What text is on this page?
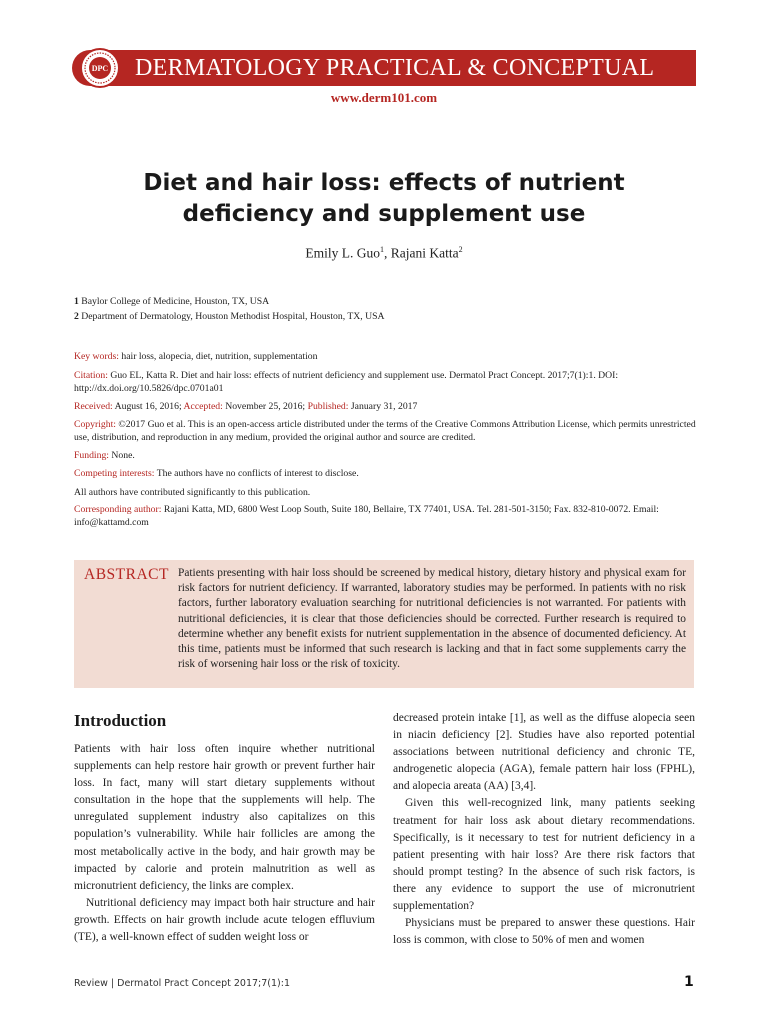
DPC DERMATOLOGY PRACTICAL & CONCEPTUAL
www.derm101.com
Diet and hair loss: effects of nutrient deficiency and supplement use
Emily L. Guo$^1$, Rajani Katta$^2$
1 Baylor College of Medicine, Houston, TX, USA
2 Department of Dermatology, Houston Methodist Hospital, Houston, TX, USA
Key words: hair loss, alopecia, diet, nutrition, supplementation
Citation: Guo EL, Katta R. Diet and hair loss: effects of nutrient deficiency and supplement use. Dermatol Pract Concept. 2017;7(1):1. DOI: http://dx.doi.org/10.5826/dpc.0701a01
Received: August 16, 2016; Accepted: November 25, 2016; Published: January 31, 2017
Copyright: ©2017 Guo et al. This is an open-access article distributed under the terms of the Creative Commons Attribution License, which permits unrestricted use, distribution, and reproduction in any medium, provided the original author and source are credited.
Funding: None.
Competing interests: The authors have no conflicts of interest to disclose.
All authors have contributed significantly to this publication.
Corresponding author: Rajani Katta, MD, 6800 West Loop South, Suite 180, Bellaire, TX 77401, USA. Tel. 281-501-3150; Fax. 832-810-0072. Email: info@kattamd.com
ABSTRACT Patients presenting with hair loss should be screened by medical history, dietary history and physical exam for risk factors for nutrient deficiency. If warranted, laboratory studies may be performed. In patients with no risk factors, further laboratory evaluation searching for nutritional deficiencies is not warranted. For patients with nutritional deficiencies, it is clear that those deficiencies should be corrected. Further research is required to determine whether any benefit exists for nutrient supplementation in the absence of documented deficiency. At this time, patients must be informed that such research is lacking and that in fact some supplements carry the risk of worsening hair loss or the risk of toxicity.
Introduction

Patients with hair loss often inquire whether nutritional supplements can help restore hair growth or prevent further hair loss. In fact, many will start dietary supplements without consultation in the hope that the supplements will help. The unregulated supplement industry also capitalizes on this population’s vulnerability. While hair follicles are among the most metabolically active in the body, and hair growth may be impacted by calorie and protein malnutrition as well as micronutrient deficiency, the links are complex.

Nutritional deficiency may impact both hair structure and hair growth. Effects on hair growth include acute telogen effluvium (TE), a well-known effect of sudden weight loss or

decreased protein intake [1], as well as the diffuse alopecia seen in niacin deficiency [2]. Studies have also reported potential associations between nutritional deficiency and chronic TE, androgenetic alopecia (AGA), female pattern hair loss (FPHL), and alopecia areata (AA) [3,4].

Given this well-recognized link, many patients seeking treatment for hair loss ask about dietary recommendations. Specifically, is it necessary to test for nutrient deficiency in a patient presenting with hair loss? Are there risk factors that should prompt testing? In the absence of such risk factors, is there any evidence to support the use of micronutrient supplementation?

Physicians must be prepared to answer these questions. Hair loss is common, with close to 50% of men and women

Review | Dermatol Pract Concept 2017;7(1):1	1
